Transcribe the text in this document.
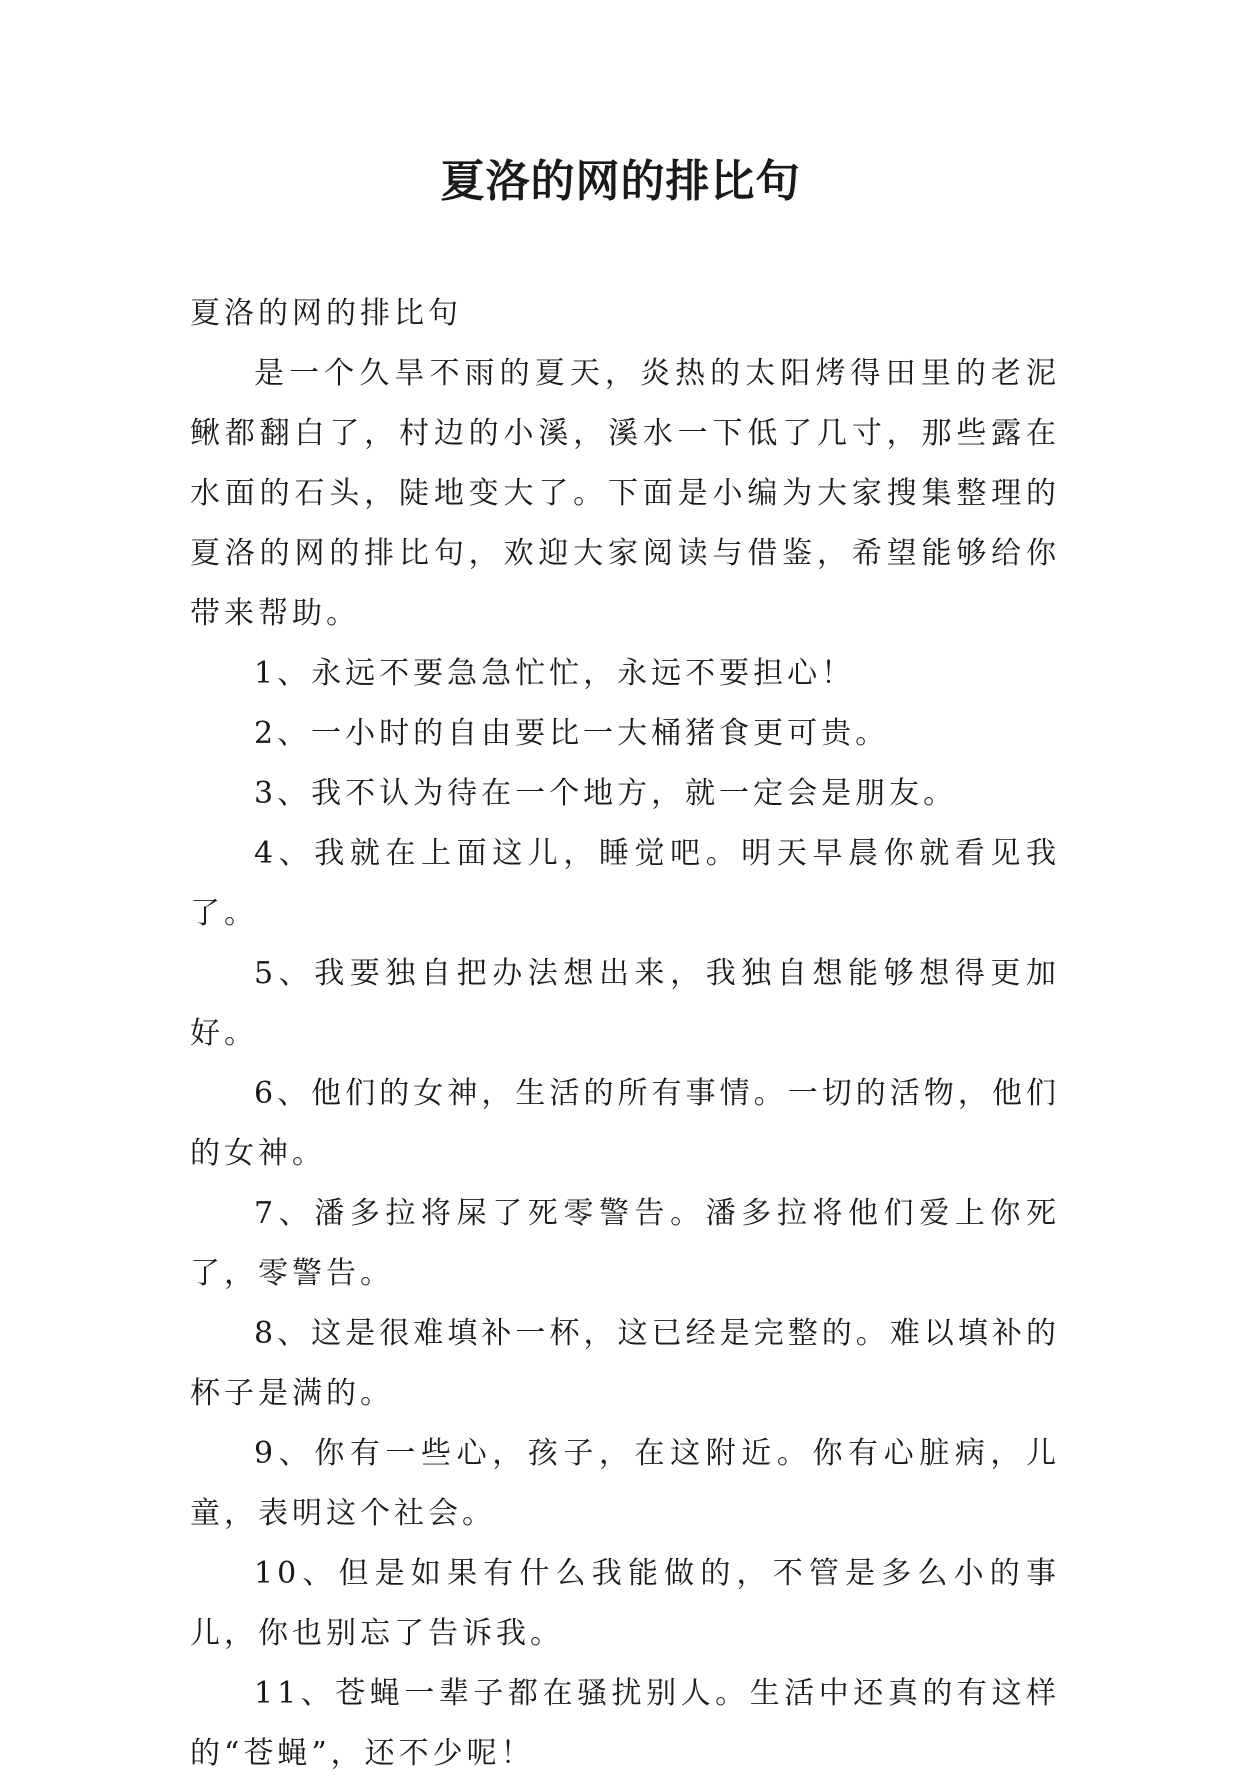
夏洛的网的排比句

夏洛的网的排比句

是一个久旱不雨的夏天，炎热的太阳烤得田里的老泥鳅都翻白了，村边的小溪，溪水一下低了几寸，那些露在水面的石头，陡地变大了。下面是小编为大家搜集整理的夏洛的网的排比句，欢迎大家阅读与借鉴，希望能够给你带来帮助。

1、永远不要急急忙忙，永远不要担心！

2、一小时的自由要比一大桶猪食更可贵。

3、我不认为待在一个地方，就一定会是朋友。

4、我就在上面这儿，睡觉吧。明天早晨你就看见我了。

5、我要独自把办法想出来，我独自想能够想得更加好。

6、他们的女神，生活的所有事情。一切的活物，他们的女神。

7、潘多拉将屎了死零警告。潘多拉将他们爱上你死了，零警告。

8、这是很难填补一杯，这已经是完整的。难以填补的杯子是满的。

9、你有一些心，孩子，在这附近。你有心脏病，儿童，表明这个社会。

10、但是如果有什么我能做的，不管是多么小的事儿，你也别忘了告诉我。

11、苍蝇一辈子都在骚扰别人。生活中还真的有这样的“苍蝇”，还不少呢！
